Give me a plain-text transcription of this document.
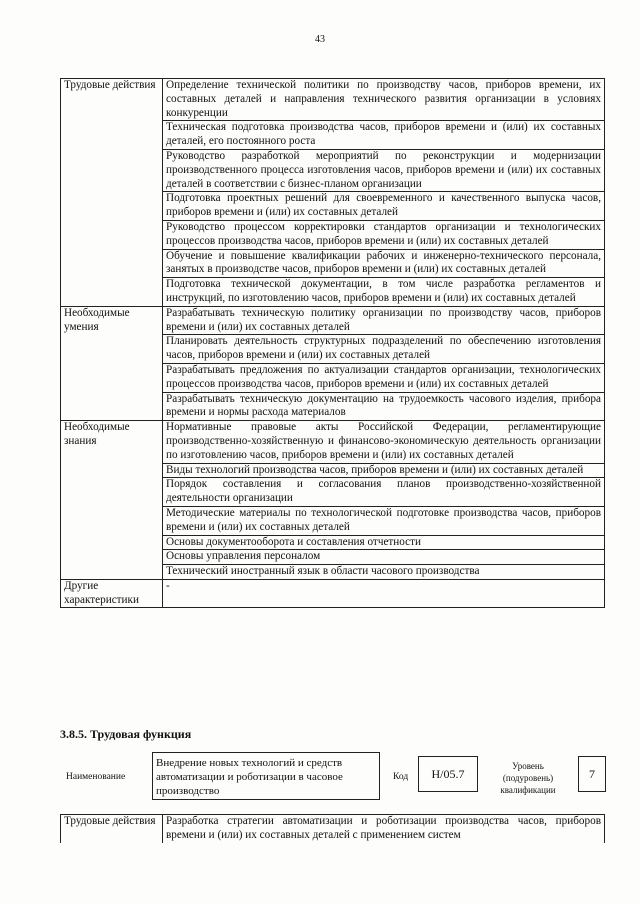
43
Трудовые действия	Определение технической политики по производству часов, приборов времени, их составных деталей и направления технического развития организации в условиях конкуренции
	Техническая подготовка производства часов, приборов времени и (или) их составных деталей, его постоянного роста
	Руководство разработкой мероприятий по реконструкции и модернизации производственного процесса изготовления часов, приборов времени и (или) их составных деталей в соответствии с бизнес-планом организации
	Подготовка проектных решений для своевременного и качественного выпуска часов, приборов времени и (или) их составных деталей
	Руководство процессом корректировки стандартов организации и технологических процессов производства часов, приборов времени и (или) их составных деталей
	Обучение и повышение квалификации рабочих и инженерно-технического персонала, занятых в производстве часов, приборов времени и (или) их составных деталей
	Подготовка технической документации, в том числе разработка регламентов и инструкций, по изготовлению часов, приборов времени и (или) их составных деталей
Необходимые умения	Разрабатывать техническую политику организации по производству часов, приборов времени и (или) их составных деталей
	Планировать деятельность структурных подразделений по обеспечению изготовления часов, приборов времени и (или) их составных деталей
	Разрабатывать предложения по актуализации стандартов организации, технологических процессов производства часов, приборов времени и (или) их составных деталей
	Разрабатывать техническую документацию на трудоемкость часового изделия, прибора времени и нормы расхода материалов
Необходимые знания	Нормативные правовые акты Российской Федерации, регламентирующие производственно-хозяйственную и финансово-экономическую деятельность организации по изготовлению часов, приборов времени и (или) их составных деталей
	Виды технологий производства часов, приборов времени и (или) их составных деталей
	Порядок составления и согласования планов производственно-хозяйственной деятельности организации
	Методические материалы по технологической подготовке производства часов, приборов времени и (или) их составных деталей
	Основы документооборота и составления отчетности
	Основы управления персоналом
	Технический иностранный язык в области часового производства
Другие характеристики	-
3.8.5. Трудовая функция
Наименование
Внедрение новых технологий и средств автоматизации и роботизации в часовое производство
Код	H/05.7
Уровень (подуровень) квалификации
7
Трудовые действия	Разработка стратегии автоматизации и роботизации производства часов, приборов времени и (или) их составных деталей с применением систем
